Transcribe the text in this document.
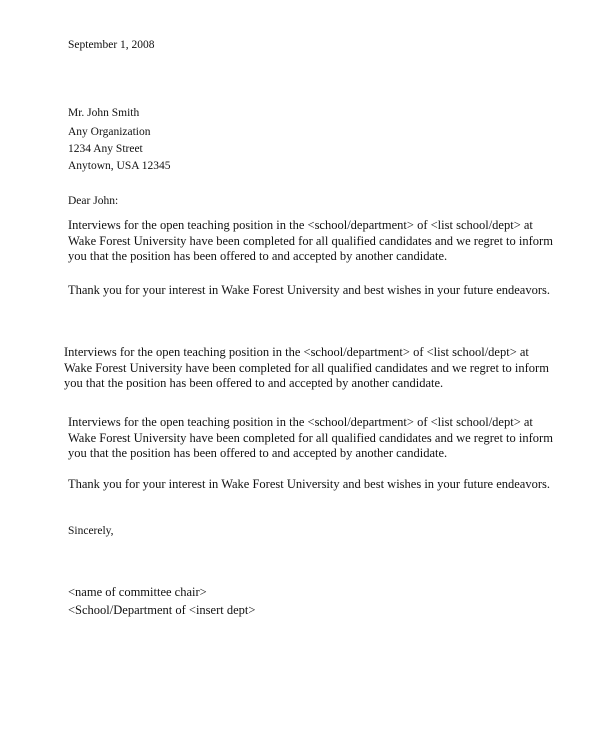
September 1, 2008
Mr. John Smith
Any Organization
1234 Any Street
Anytown, USA 12345
Dear John:

Interviews for the open teaching position in the <school/department> of <list school/dept> at Wake Forest University have been completed for all qualified candidates and we regret to inform you that the position has been offered to and accepted by another candidate.

Thank you for your interest in Wake Forest University and best wishes in your future endeavors.

Interviews for the open teaching position in the <school/department> of <list school/dept> at Wake Forest University have been completed for all qualified candidates and we regret to inform you that the position has been offered to and accepted by another candidate.

Interviews for the open teaching position in the <school/department> of <list school/dept> at Wake Forest University have been completed for all qualified candidates and we regret to inform you that the position has been offered to and accepted by another candidate.

Thank you for your interest in Wake Forest University and best wishes in your future endeavors.

Sincerely,
<name of committee chair>
<School/Department of <insert dept>
